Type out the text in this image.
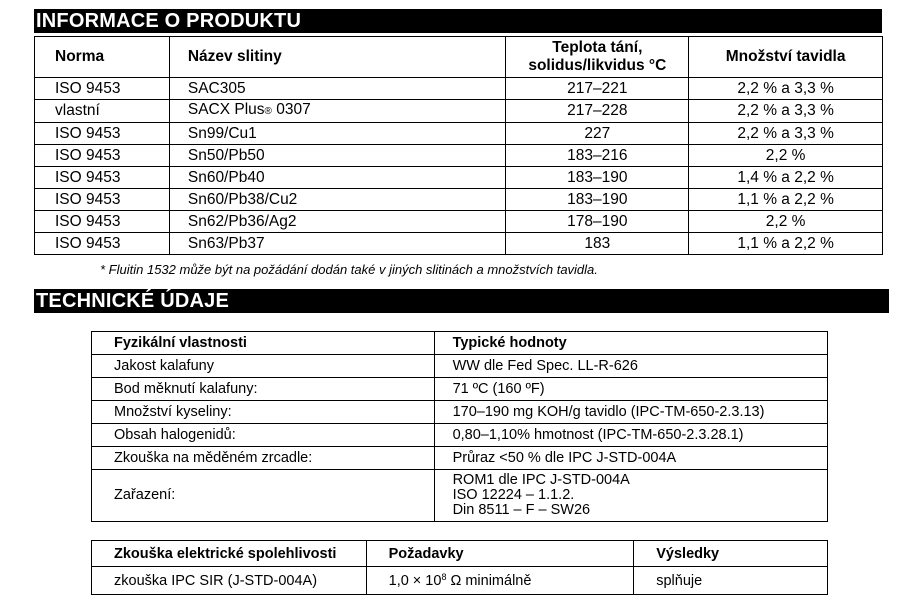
INFORMACE O PRODUKTU
Norma	Název slitiny	Teplota tání,
solidus/likvidus °C	Množství tavidla
ISO 9453	SAC305	217–221	2,2 % a 3,3 %
vlastní	SACX Plus® 0307	217–228	2,2 % a 3,3 %
ISO 9453	Sn99/Cu1	227	2,2 % a 3,3 %
ISO 9453	Sn50/Pb50	183–216	2,2 %
ISO 9453	Sn60/Pb40	183–190	1,4 % a 2,2 %
ISO 9453	Sn60/Pb38/Cu2	183–190	1,1 % a 2,2 %
ISO 9453	Sn62/Pb36/Ag2	178–190	2,2 %
ISO 9453	Sn63/Pb37	183	1,1 % a 2,2 %
* Fluitin 1532 může být na požádání dodán také v jiných slitinách a množstvích tavidla.
TECHNICKÉ ÚDAJE
Fyzikální vlastnosti	Typické hodnoty
Jakost kalafuny	WW dle Fed Spec. LL-R-626
Bod měknutí kalafuny:	71 ºC (160 ºF)
Množství kyseliny:	170–190 mg KOH/g tavidlo (IPC-TM-650-2.3.13)
Obsah halogenidů:	0,80–1,10% hmotnost (IPC-TM-650-2.3.28.1)
Zkouška na měděném zrcadle:	Průraz <50 % dle IPC J-STD-004A
Zařazení:	ROM1 dle IPC J-STD-004A
ISO 12224 – 1.1.2.
Din 8511 – F – SW26
Zkouška elektrické spolehlivosti	Požadavky	Výsledky
zkouška IPC SIR (J-STD-004A)	$1,0 \times 10^8$ Ω minimálně	splňuje
